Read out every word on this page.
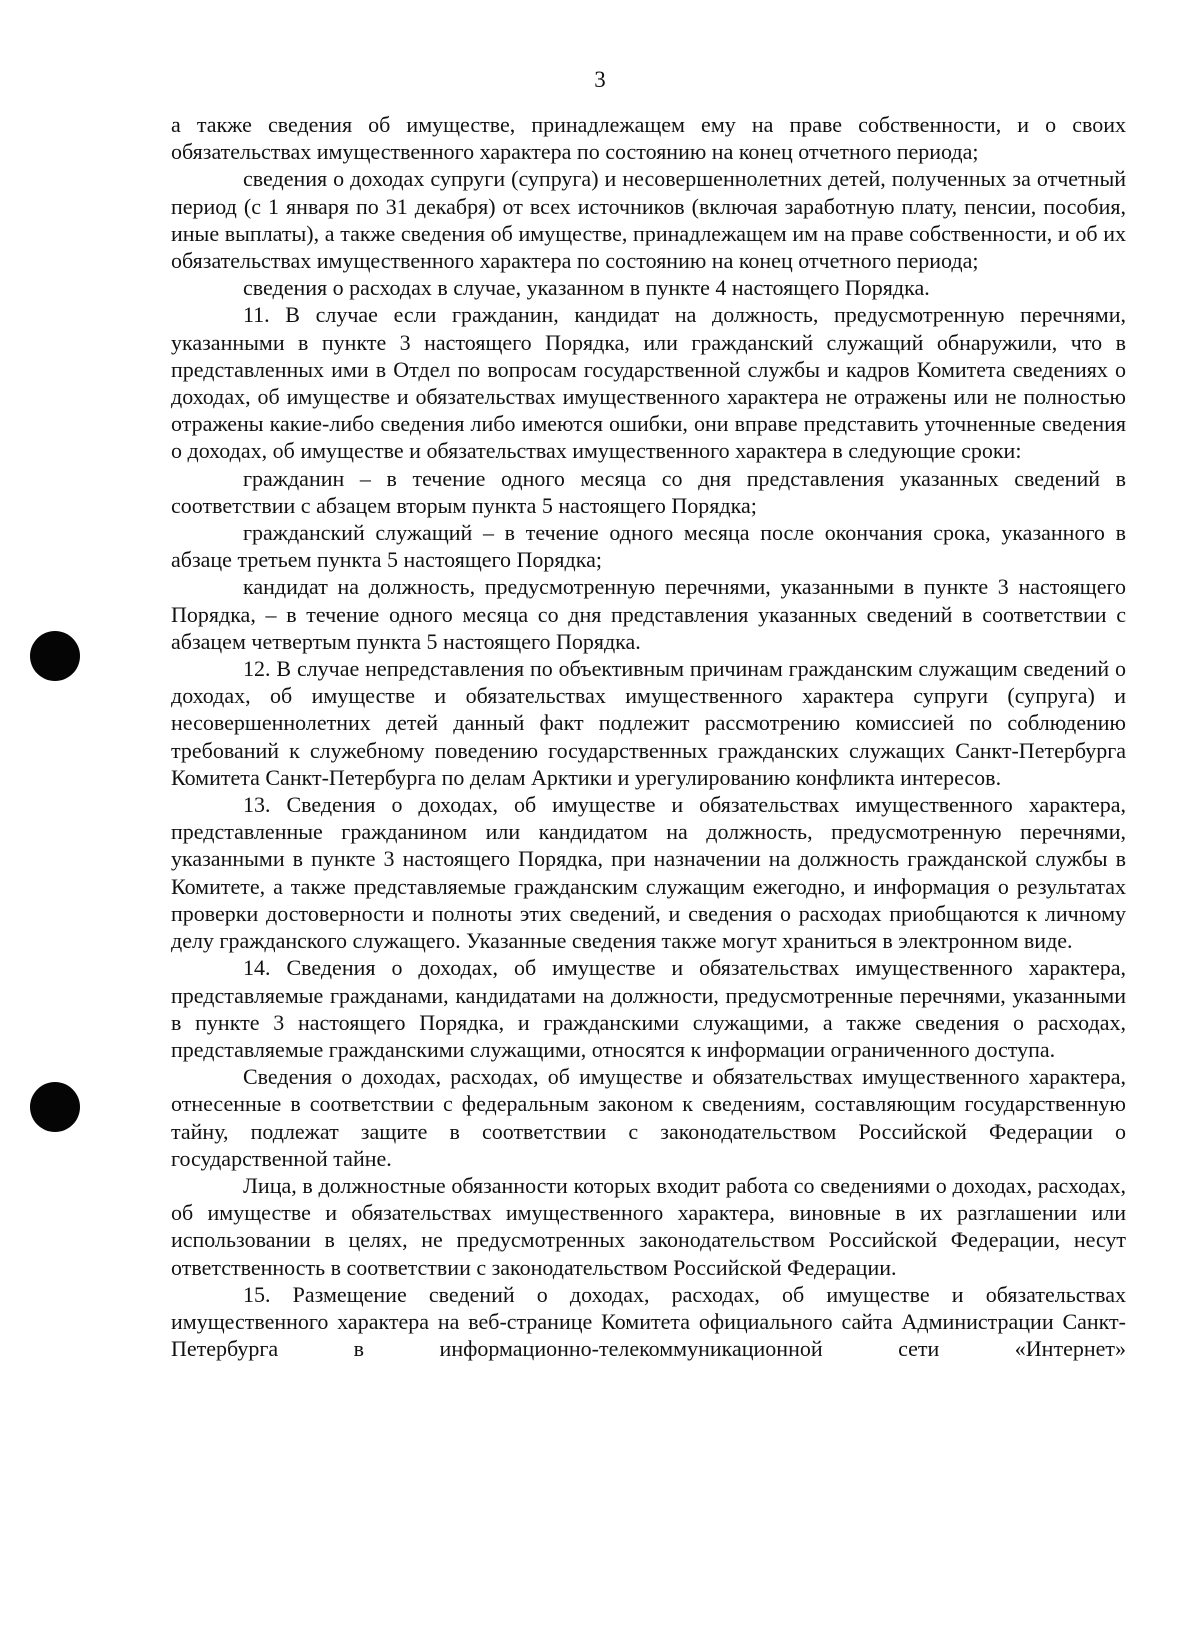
3

а также сведения об имуществе, принадлежащем ему на праве собственности, и о своих обязательствах имущественного характера по состоянию на конец отчетного периода;

сведения о доходах супруги (супруга) и несовершеннолетних детей, полученных за отчетный период (с 1 января по 31 декабря) от всех источников (включая заработную плату, пенсии, пособия, иные выплаты), а также сведения об имуществе, принадлежащем им на праве собственности, и об их обязательствах имущественного характера по состоянию на конец отчетного периода;

сведения о расходах в случае, указанном в пункте 4 настоящего Порядка.

11. В случае если гражданин, кандидат на должность, предусмотренную перечнями, указанными в пункте 3 настоящего Порядка, или гражданский служащий обнаружили, что в представленных ими в Отдел по вопросам государственной службы и кадров Комитета сведениях о доходах, об имуществе и обязательствах имущественного характера не отражены или не полностью отражены какие-либо сведения либо имеются ошибки, они вправе представить уточненные сведения о доходах, об имуществе и обязательствах имущественного характера в следующие сроки:

гражданин – в течение одного месяца со дня представления указанных сведений в соответствии с абзацем вторым пункта 5 настоящего Порядка;

гражданский служащий – в течение одного месяца после окончания срока, указанного в абзаце третьем пункта 5 настоящего Порядка;

кандидат на должность, предусмотренную перечнями, указанными в пункте 3 настоящего Порядка, – в течение одного месяца со дня представления указанных сведений в соответствии с абзацем четвертым пункта 5 настоящего Порядка.

12. В случае непредставления по объективным причинам гражданским служащим сведений о доходах, об имуществе и обязательствах имущественного характера супруги (супруга) и несовершеннолетних детей данный факт подлежит рассмотрению комиссией по соблюдению требований к служебному поведению государственных гражданских служащих Санкт-Петербурга Комитета Санкт-Петербурга по делам Арктики и урегулированию конфликта интересов.

13. Сведения о доходах, об имуществе и обязательствах имущественного характера, представленные гражданином или кандидатом на должность, предусмотренную перечнями, указанными в пункте 3 настоящего Порядка, при назначении на должность гражданской службы в Комитете, а также представляемые гражданским служащим ежегодно, и информация о результатах проверки достоверности и полноты этих сведений, и сведения о расходах приобщаются к личному делу гражданского служащего. Указанные сведения также могут храниться в электронном виде.

14. Сведения о доходах, об имуществе и обязательствах имущественного характера, представляемые гражданами, кандидатами на должности, предусмотренные перечнями, указанными в пункте 3 настоящего Порядка, и гражданскими служащими, а также сведения о расходах, представляемые гражданскими служащими, относятся к информации ограниченного доступа.

Сведения о доходах, расходах, об имуществе и обязательствах имущественного характера, отнесенные в соответствии с федеральным законом к сведениям, составляющим государственную тайну, подлежат защите в соответствии с законодательством Российской Федерации о государственной тайне.

Лица, в должностные обязанности которых входит работа со сведениями о доходах, расходах, об имуществе и обязательствах имущественного характера, виновные в их разглашении или использовании в целях, не предусмотренных законодательством Российской Федерации, несут ответственность в соответствии с законодательством Российской Федерации.

15. Размещение сведений о доходах, расходах, об имуществе и обязательствах имущественного характера на веб-странице Комитета официального сайта Администрации Санкт-Петербурга в информационно-телекоммуникационной сети «Интернет»
